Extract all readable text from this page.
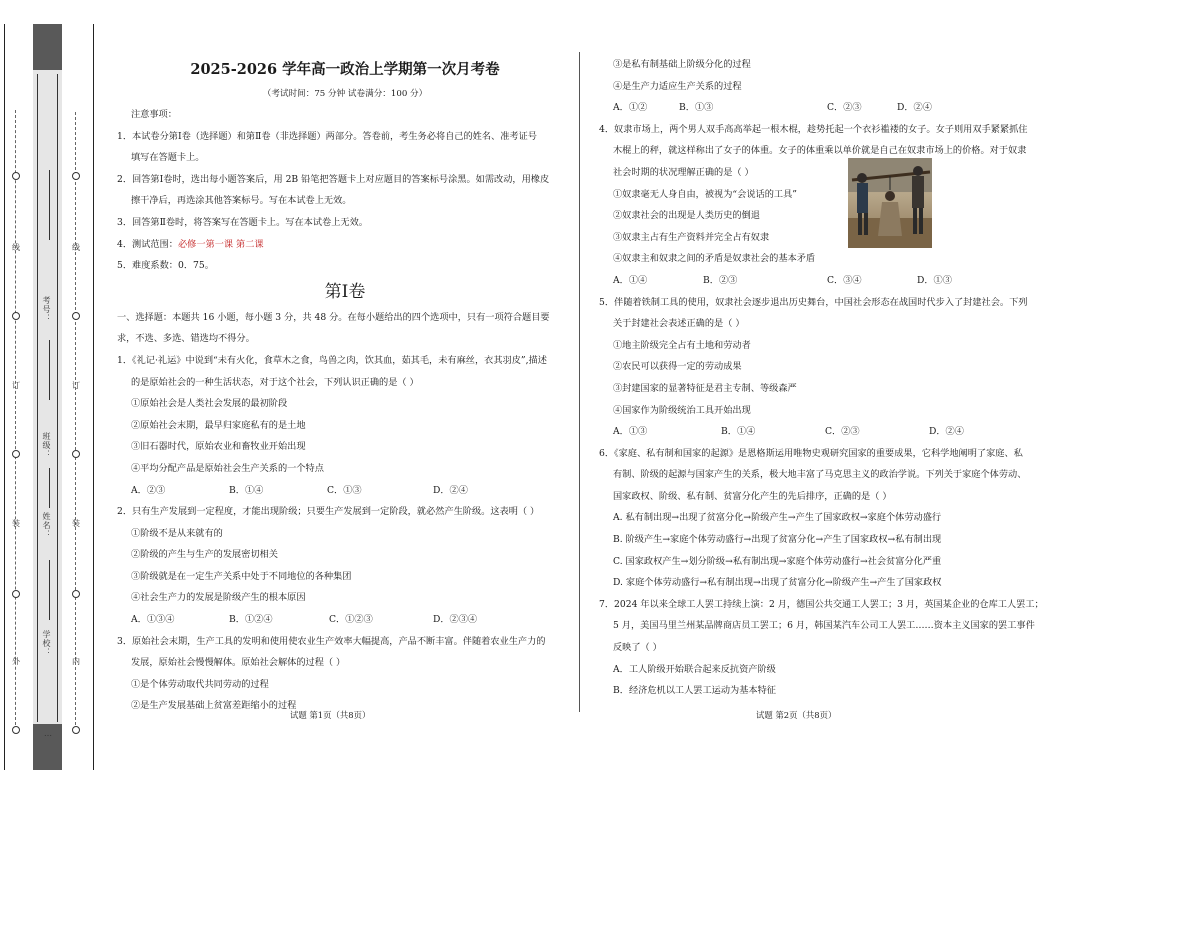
…
线
订
装
外
线
订
装
内
考号：
班级：
姓名：
学校：

2025-2026 学年高一政治上学期第一次月考卷

（考试时间：75 分钟 试卷满分：100 分）

注意事项：

1．本试卷分第Ⅰ卷（选择题）和第Ⅱ卷（非选择题）两部分。答卷前，考生务必将自己的姓名、准考证号

填写在答题卡上。

2．回答第Ⅰ卷时，选出每小题答案后，用 2B 铅笔把答题卡上对应题目的答案标号涂黑。如需改动，用橡皮

擦干净后，再选涂其他答案标号。写在本试卷上无效。

3．回答第Ⅱ卷时，将答案写在答题卡上。写在本试卷上无效。

4．测试范围：必修一第一课 第二课

5．难度系数：0．75。

第Ⅰ卷

一、选择题：本题共 16 小题，每小题 3 分，共 48 分。在每小题给出的四个选项中，只有一项符合题目要

求，不选、多选、错选均不得分。

1．《礼记·礼运》中说到“未有火化，食草木之食，鸟兽之肉，饮其血，茹其毛，未有麻丝，衣其羽皮”,描述

的是原始社会的一种生活状态，对于这个社会，下列认识正确的是（ ）

①原始社会是人类社会发展的最初阶段

②原始社会末期，最早归家庭私有的是土地

③旧石器时代，原始农业和畜牧业开始出现

④平均分配产品是原始社会生产关系的一个特点

A．②③	B．①④	C．①③	D．②④

2．只有生产发展到一定程度，才能出现阶级；只要生产发展到一定阶段，就必然产生阶级。这表明（ ）

①阶级不是从来就有的

②阶级的产生与生产的发展密切相关

③阶级就是在一定生产关系中处于不同地位的各种集团

④社会生产力的发展是阶级产生的根本原因

A．①③④	B．①②④	C．①②③	D．②③④

3．原始社会末期，生产工具的发明和使用使农业生产效率大幅提高，产品不断丰富。伴随着农业生产力的

发展，原始社会慢慢解体。原始社会解体的过程（ ）

①是个体劳动取代共同劳动的过程

②是生产发展基础上贫富差距缩小的过程

③是私有制基础上阶级分化的过程

④是生产力适应生产关系的过程

A．①②	B．①③	C．②③	D．②④

4．奴隶市场上，两个男人双手高高举起一根木棍，趁势托起一个衣衫褴褛的女子。女子则用双手紧紧抓住

木棍上的秤，就这样称出了女子的体重。女子的体重乘以单价就是自己在奴隶市场上的价格。对于奴隶

社会时期的状况理解正确的是（ ）

①奴隶毫无人身自由，被视为“会说话的工具”

②奴隶社会的出现是人类历史的倒退

③奴隶主占有生产资料并完全占有奴隶

④奴隶主和奴隶之间的矛盾是奴隶社会的基本矛盾

A．①④	B．②③	C．③④	D．①③

5．伴随着铁制工具的使用，奴隶社会逐步退出历史舞台，中国社会形态在战国时代步入了封建社会。下列

关于封建社会表述正确的是（ ）

①地主阶级完全占有土地和劳动者

②农民可以获得一定的劳动成果

③封建国家的显著特征是君主专制、等级森严

④国家作为阶级统治工具开始出现

A．①③	B．①④	C．②③	D．②④

6．《家庭、私有制和国家的起源》是恩格斯运用唯物史观研究国家的重要成果，它科学地阐明了家庭、私

有制、阶级的起源与国家产生的关系，极大地丰富了马克思主义的政治学说。下列关于家庭个体劳动、

国家政权、阶级、私有制、贫富分化产生的先后排序，正确的是（ ）

A. 私有制出现→出现了贫富分化→阶级产生→产生了国家政权→家庭个体劳动盛行

B. 阶级产生→家庭个体劳动盛行→出现了贫富分化→产生了国家政权→私有制出现

C. 国家政权产生→划分阶级→私有制出现→家庭个体劳动盛行→社会贫富分化严重

D. 家庭个体劳动盛行→私有制出现→出现了贫富分化→阶级产生→产生了国家政权

7．2024 年以来全球工人罢工持续上演：2 月，德国公共交通工人罢工；3 月，英国某企业的仓库工人罢工；

5 月，美国马里兰州某品牌商店员工罢工；6 月，韩国某汽车公司工人罢工……资本主义国家的罢工事件

反映了（ ）

A．工人阶级开始联合起来反抗资产阶级

B．经济危机以工人罢工运动为基本特征

试题 第1页（共8页）	试题 第2页（共8页）
